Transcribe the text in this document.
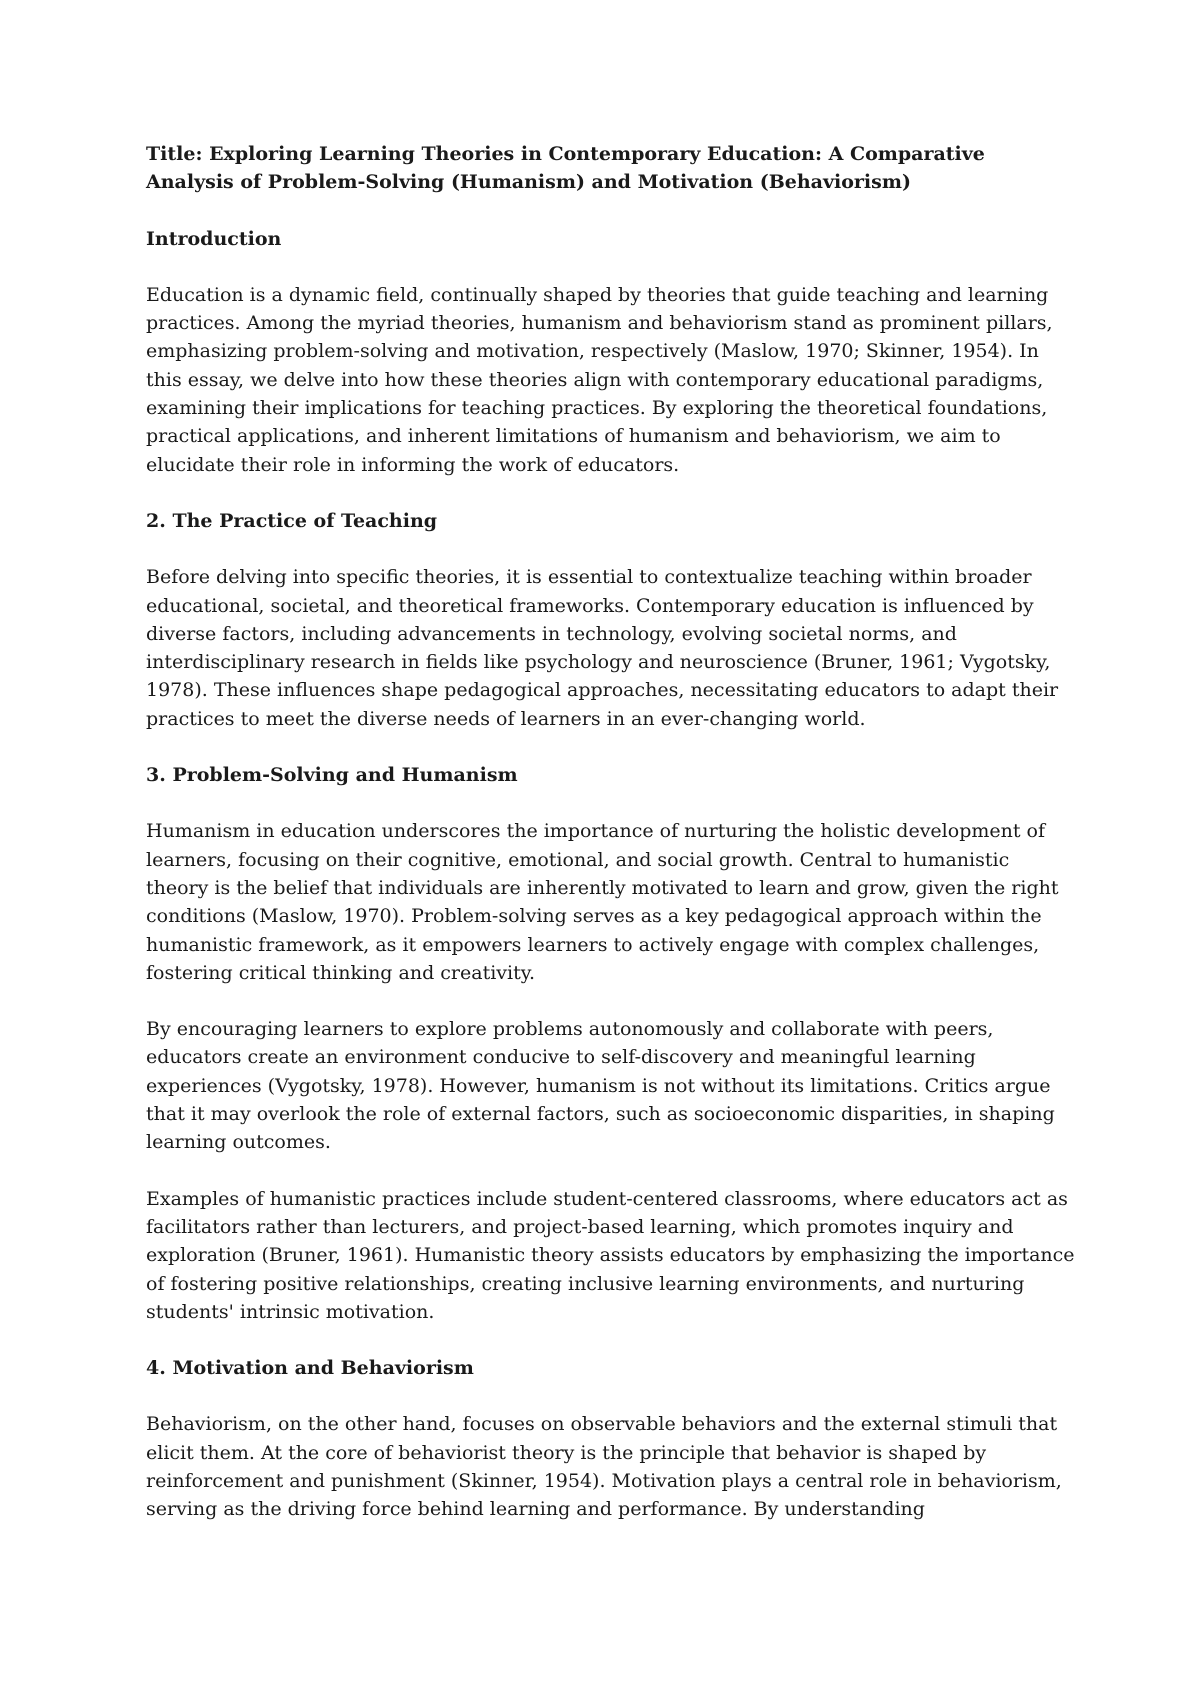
Title: Exploring Learning Theories in Contemporary Education: A Comparative Analysis of Problem-Solving (Humanism) and Motivation (Behaviorism)

Introduction

Education is a dynamic field, continually shaped by theories that guide teaching and learning practices. Among the myriad theories, humanism and behaviorism stand as prominent pillars, emphasizing problem-solving and motivation, respectively (Maslow, 1970; Skinner, 1954). In this essay, we delve into how these theories align with contemporary educational paradigms, examining their implications for teaching practices. By exploring the theoretical foundations, practical applications, and inherent limitations of humanism and behaviorism, we aim to elucidate their role in informing the work of educators.

2. The Practice of Teaching

Before delving into specific theories, it is essential to contextualize teaching within broader educational, societal, and theoretical frameworks. Contemporary education is influenced by diverse factors, including advancements in technology, evolving societal norms, and interdisciplinary research in fields like psychology and neuroscience (Bruner, 1961; Vygotsky, 1978). These influences shape pedagogical approaches, necessitating educators to adapt their practices to meet the diverse needs of learners in an ever-changing world.

3. Problem-Solving and Humanism

Humanism in education underscores the importance of nurturing the holistic development of learners, focusing on their cognitive, emotional, and social growth. Central to humanistic theory is the belief that individuals are inherently motivated to learn and grow, given the right conditions (Maslow, 1970). Problem-solving serves as a key pedagogical approach within the humanistic framework, as it empowers learners to actively engage with complex challenges, fostering critical thinking and creativity.

By encouraging learners to explore problems autonomously and collaborate with peers, educators create an environment conducive to self-discovery and meaningful learning experiences (Vygotsky, 1978). However, humanism is not without its limitations. Critics argue that it may overlook the role of external factors, such as socioeconomic disparities, in shaping learning outcomes.

Examples of humanistic practices include student-centered classrooms, where educators act as facilitators rather than lecturers, and project-based learning, which promotes inquiry and exploration (Bruner, 1961). Humanistic theory assists educators by emphasizing the importance of fostering positive relationships, creating inclusive learning environments, and nurturing students' intrinsic motivation.

4. Motivation and Behaviorism

Behaviorism, on the other hand, focuses on observable behaviors and the external stimuli that elicit them. At the core of behaviorist theory is the principle that behavior is shaped by reinforcement and punishment (Skinner, 1954). Motivation plays a central role in behaviorism, serving as the driving force behind learning and performance. By understanding
